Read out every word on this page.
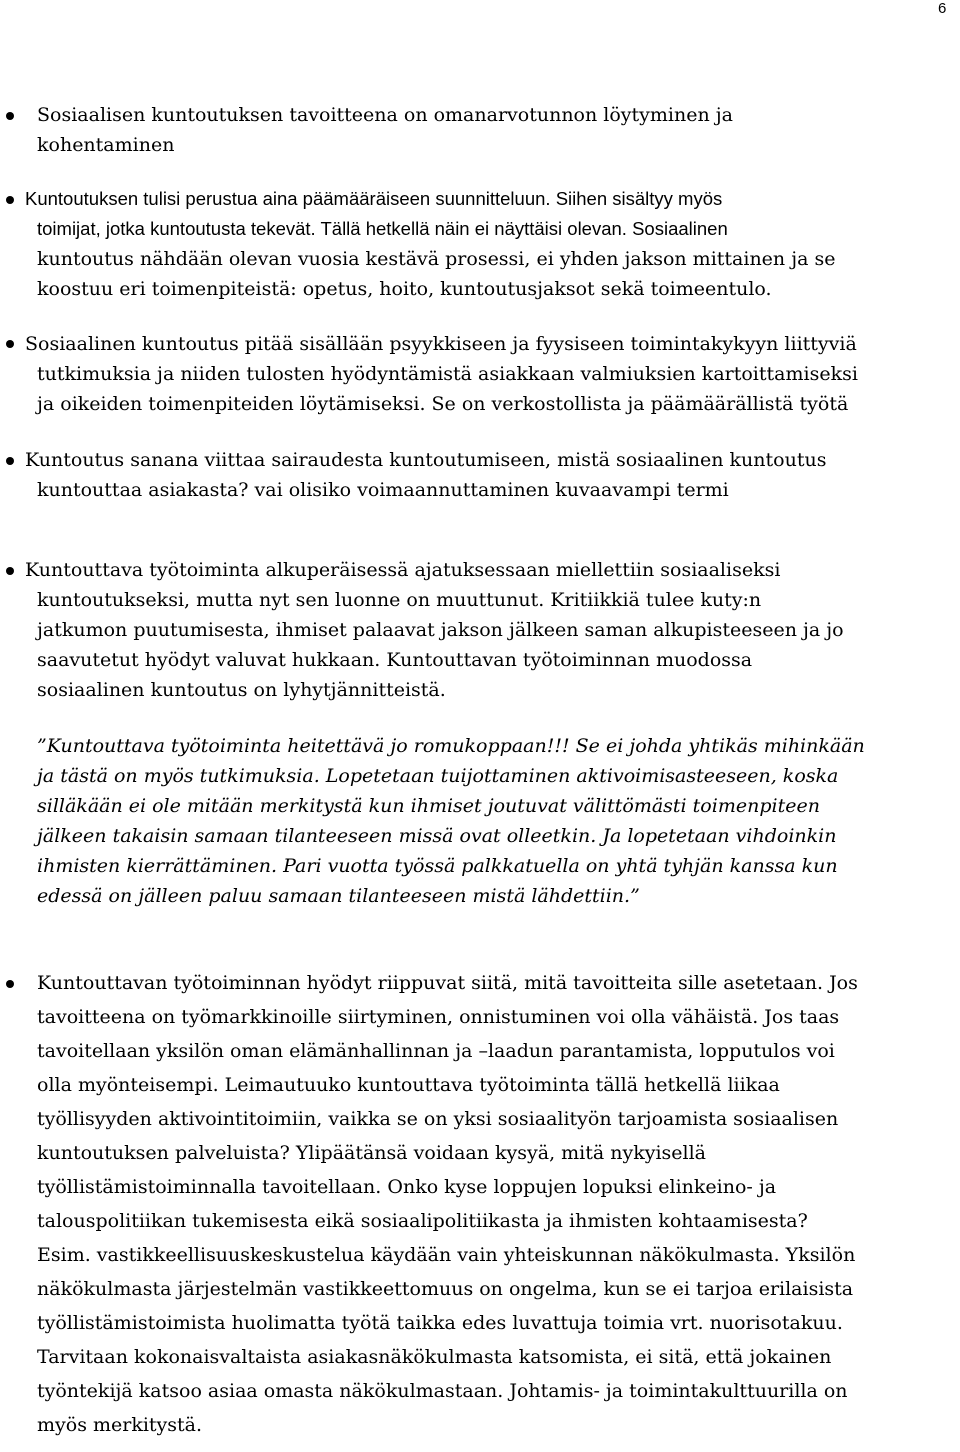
6

Sosiaalisen kuntoutuksen tavoitteena on omanarvotunnon löytyminen ja
kohentaminen

Kuntoutuksen tulisi perustua aina päämääräiseen suunnitteluun. Siihen sisältyy myös

toimijat, jotka kuntoutusta tekevät. Tällä hetkellä näin ei näyttäisi olevan. Sosiaalinen
kuntoutus nähdään olevan vuosia kestävä prosessi, ei yhden jakson mittainen ja se
koostuu eri toimenpiteistä: opetus, hoito, kuntoutusjaksot sekä toimeentulo.

Sosiaalinen kuntoutus pitää sisällään psyykkiseen ja fyysiseen toimintakykyyn liittyviä

tutkimuksia ja niiden tulosten hyödyntämistä asiakkaan valmiuksien kartoittamiseksi
ja oikeiden toimenpiteiden löytämiseksi. Se on verkostollista ja päämäärällistä työtä

Kuntoutus sanana viittaa sairaudesta kuntoutumiseen, mistä sosiaalinen kuntoutus

kuntouttaa asiakasta? vai olisiko voimaannuttaminen kuvaavampi termi

Kuntouttava työtoiminta alkuperäisessä ajatuksessaan miellettiin sosiaaliseksi

kuntoutukseksi, mutta nyt sen luonne on muuttunut. Kritiikkiä tulee kuty:n
jatkumon puutumisesta, ihmiset palaavat jakson jälkeen saman alkupisteeseen ja jo
saavutetut hyödyt valuvat hukkaan. Kuntouttavan työtoiminnan muodossa
sosiaalinen kuntoutus on lyhytjännitteistä.

”Kuntouttava työtoiminta heitettävä jo romukoppaan!!! Se ei johda yhtikäs mihinkään
ja tästä on myös tutkimuksia. Lopetetaan tuijottaminen aktivoimisasteeseen, koska
silläkään ei ole mitään merkitystä kun ihmiset joutuvat välittömästi toimenpiteen
jälkeen takaisin samaan tilanteeseen missä ovat olleetkin. Ja lopetetaan vihdoinkin
ihmisten kierrättäminen. Pari vuotta työssä palkkatuella on yhtä tyhjän kanssa kun
edessä on jälleen paluu samaan tilanteeseen mistä lähdettiin.”

Kuntouttavan työtoiminnan hyödyt riippuvat siitä, mitä tavoitteita sille asetetaan. Jos
tavoitteena on työmarkkinoille siirtyminen, onnistuminen voi olla vähäistä. Jos taas
tavoitellaan yksilön oman elämänhallinnan ja –laadun parantamista, lopputulos voi
olla myönteisempi. Leimautuuko kuntouttava työtoiminta tällä hetkellä liikaa
työllisyyden aktivointitoimiin, vaikka se on yksi sosiaalityön tarjoamista sosiaalisen
kuntoutuksen palveluista? Ylipäätänsä voidaan kysyä, mitä nykyisellä
työllistämistoiminnalla tavoitellaan. Onko kyse loppujen lopuksi elinkeino- ja
talouspolitiikan tukemisesta eikä sosiaalipolitiikasta ja ihmisten kohtaamisesta?
Esim. vastikkeellisuuskeskustelua käydään vain yhteiskunnan näkökulmasta. Yksilön
näkökulmasta järjestelmän vastikkeettomuus on ongelma, kun se ei tarjoa erilaisista
työllistämistoimista huolimatta työtä taikka edes luvattuja toimia vrt. nuorisotakuu.
Tarvitaan kokonaisvaltaista asiakasnäkökulmasta katsomista, ei sitä, että jokainen
työntekijä katsoo asiaa omasta näkökulmastaan. Johtamis- ja toimintakulttuurilla on
myös merkitystä.
